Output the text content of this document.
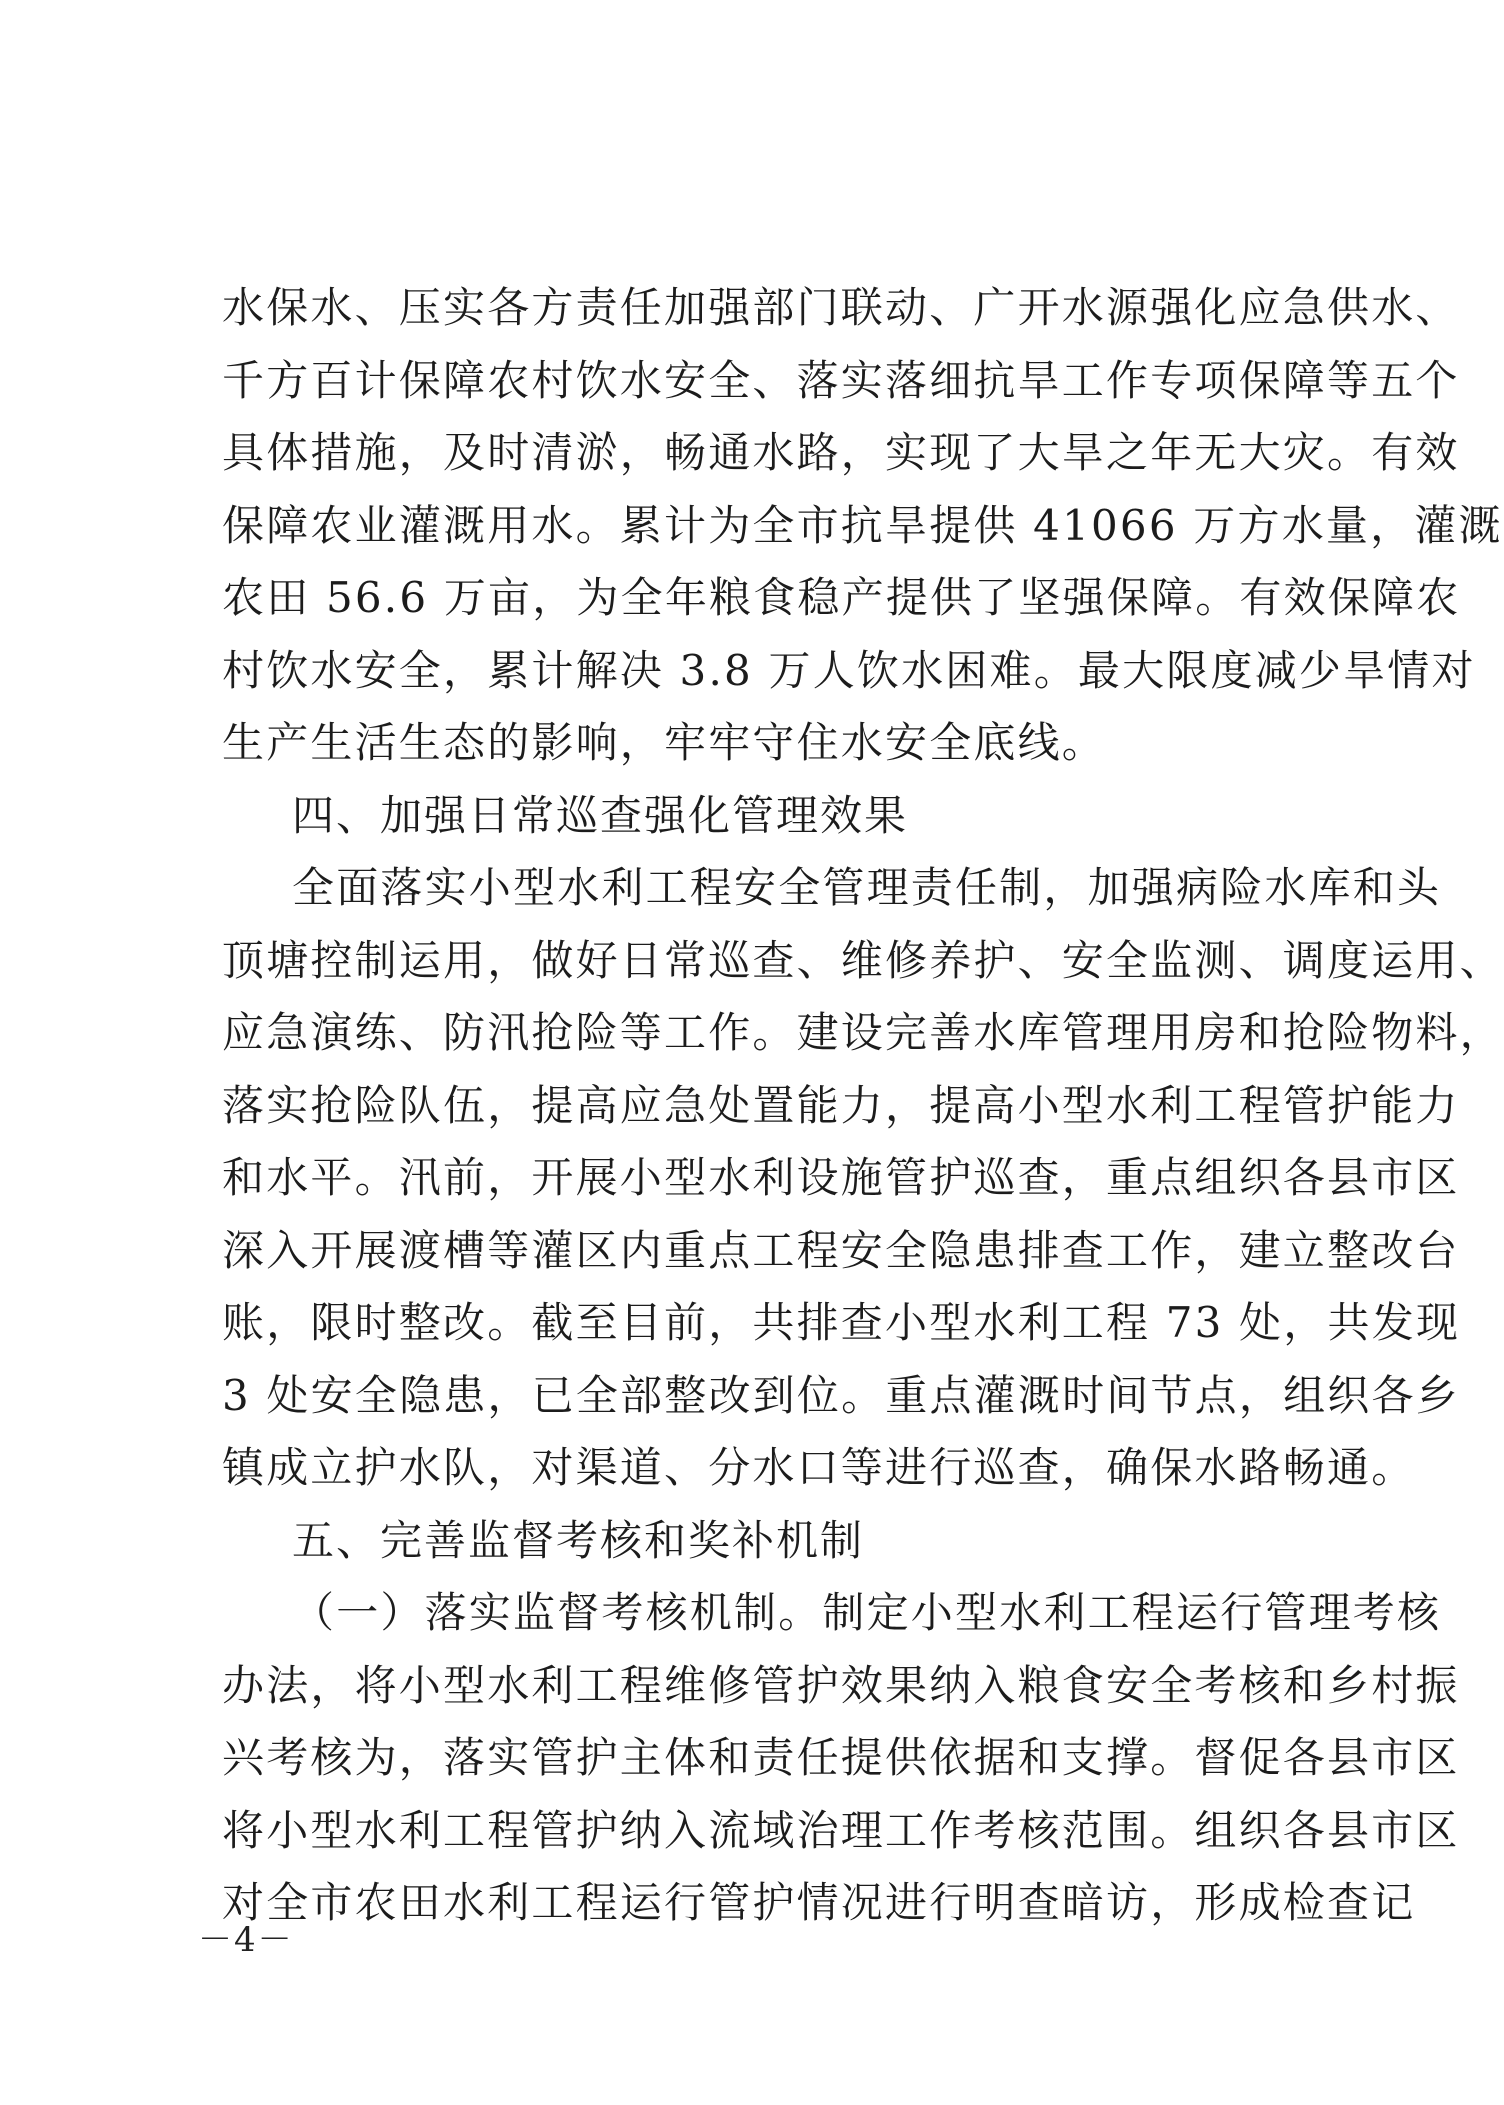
水保水、压实各方责任加强部门联动、广开水源强化应急供水、
千方百计保障农村饮水安全、落实落细抗旱工作专项保障等五个
具体措施，及时清淤，畅通水路，实现了大旱之年无大灾。有效
保障农业灌溉用水。累计为全市抗旱提供 41066 万方水量，灌溉
农田 56.6 万亩，为全年粮食稳产提供了坚强保障。有效保障农
村饮水安全，累计解决 3.8 万人饮水困难。最大限度减少旱情对
生产生活生态的影响，牢牢守住水安全底线。
四、加强日常巡查强化管理效果
全面落实小型水利工程安全管理责任制，加强病险水库和头
顶塘控制运用，做好日常巡查、维修养护、安全监测、调度运用、
应急演练、防汛抢险等工作。建设完善水库管理用房和抢险物料，
落实抢险队伍，提高应急处置能力，提高小型水利工程管护能力
和水平。汛前，开展小型水利设施管护巡查，重点组织各县市区
深入开展渡槽等灌区内重点工程安全隐患排查工作，建立整改台
账，限时整改。截至目前，共排查小型水利工程 73 处，共发现
3 处安全隐患，已全部整改到位。重点灌溉时间节点，组织各乡
镇成立护水队，对渠道、分水口等进行巡查，确保水路畅通。
五、完善监督考核和奖补机制
（一）落实监督考核机制。制定小型水利工程运行管理考核
办法，将小型水利工程维修管护效果纳入粮食安全考核和乡村振
兴考核为，落实管护主体和责任提供依据和支撑。督促各县市区
将小型水利工程管护纳入流域治理工作考核范围。组织各县市区
对全市农田水利工程运行管护情况进行明查暗访，形成检查记
－4－
